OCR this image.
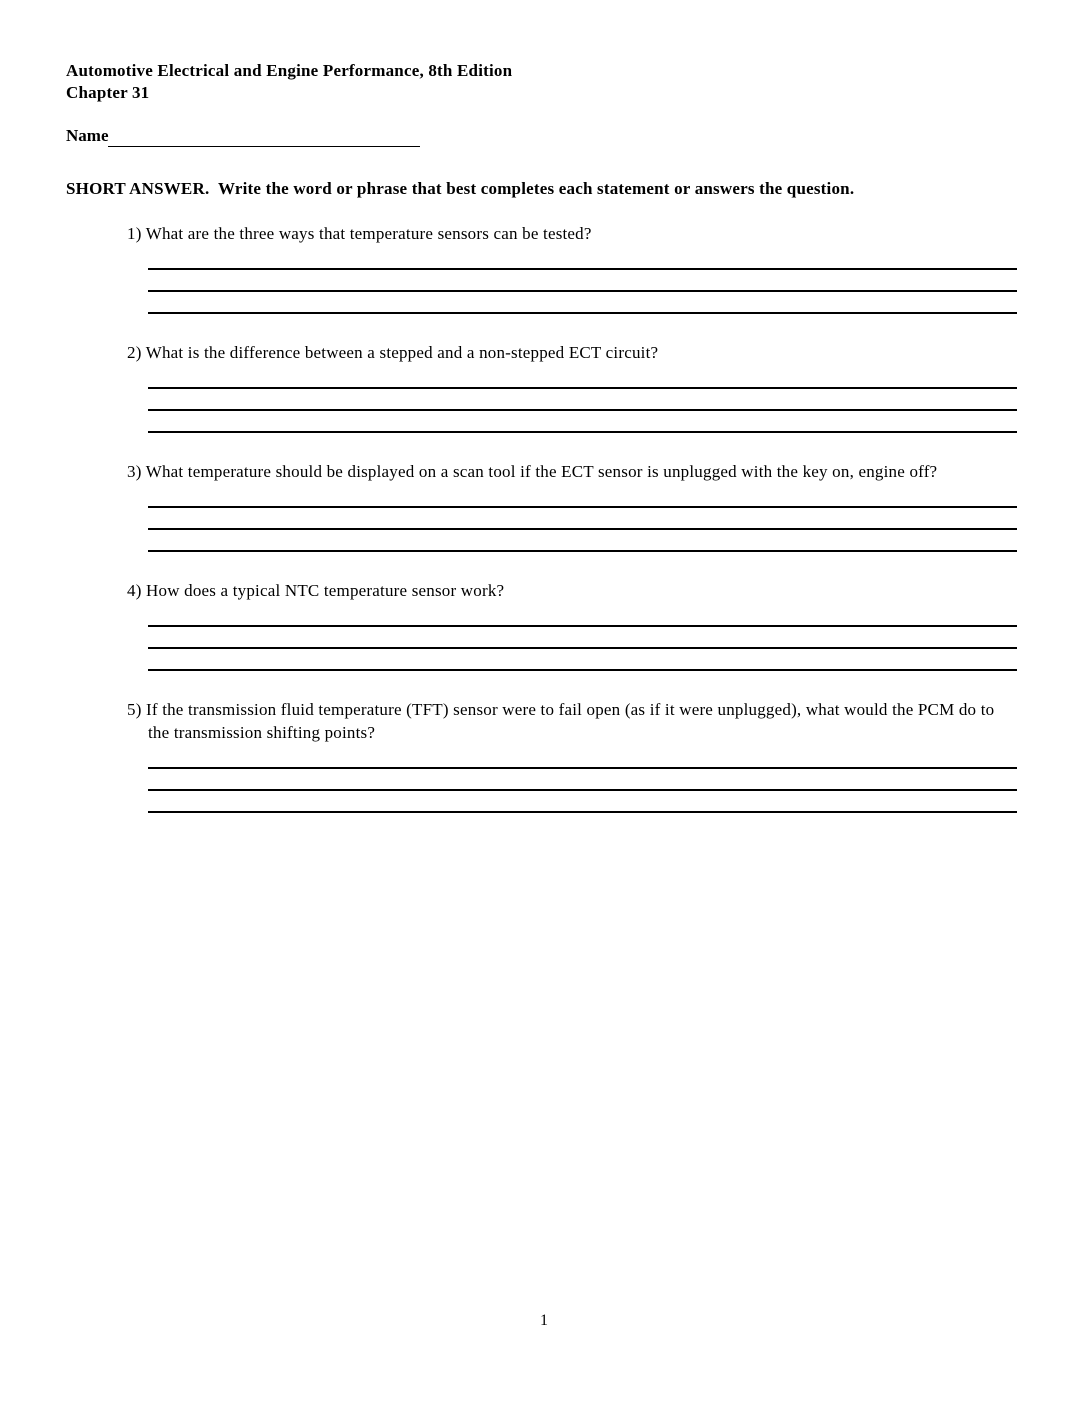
Automotive Electrical and Engine Performance, 8th Edition
Chapter 31
Name
SHORT ANSWER.  Write the word or phrase that best completes each statement or answers the question.

1) What are the three ways that temperature sensors can be tested?

2) What is the difference between a stepped and a non-stepped ECT circuit?

3) What temperature should be displayed on a scan tool if the ECT sensor is unplugged with the key on, engine off?

4) How does a typical NTC temperature sensor work?

5) If the transmission fluid temperature (TFT) sensor were to fail open (as if it were unplugged), what would the PCM do to the transmission shifting points?

1
